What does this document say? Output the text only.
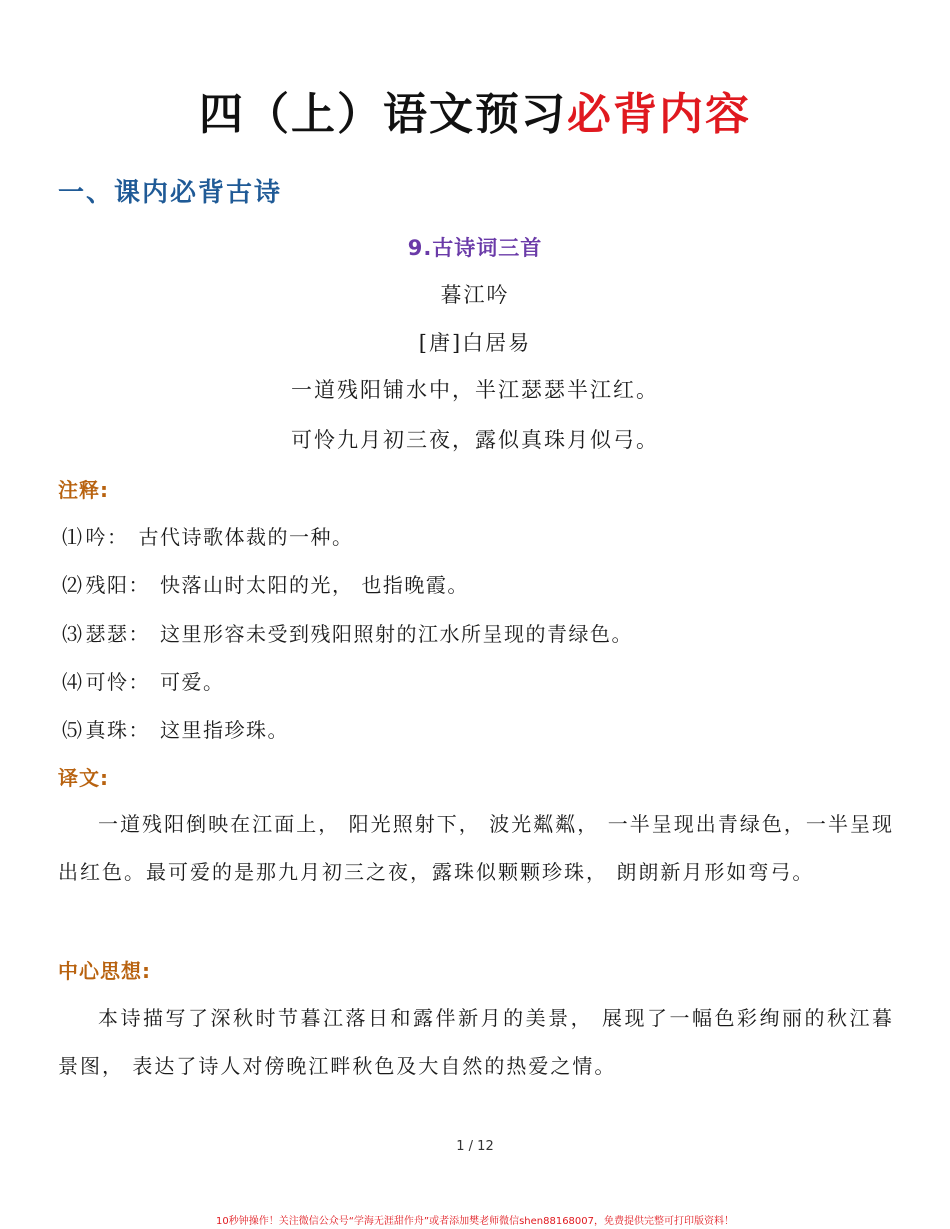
四（上）语文预习必背内容
一、课内必背古诗
9.古诗词三首
暮江吟
[唐]白居易
一道残阳铺水中，半江瑟瑟半江红。
可怜九月初三夜，露似真珠月似弓。
注释:
⑴ 吟： 古代诗歌体裁的一种。
⑵ 残阳： 快落山时太阳的光， 也指晚霞。
⑶ 瑟瑟： 这里形容未受到残阳照射的江水所呈现的青绿色。
⑷ 可怜： 可爱。
⑸ 真珠： 这里指珍珠。
译文:
一道残阳倒映在江面上， 阳光照射下， 波光粼粼， 一半呈现出青绿色，一半呈现出红色。最可爱的是那九月初三之夜，露珠似颗颗珍珠， 朗朗新月形如弯弓。
中心思想:
本诗描写了深秋时节暮江落日和露伴新月的美景， 展现了一幅色彩绚丽的秋江暮景图， 表达了诗人对傍晚江畔秋色及大自然的热爱之情。
1 / 12
10秒钟操作！关注微信公众号“学海无涯甜作舟”或者添加樊老师微信shen88168007，免费提供完整可打印版资料！
